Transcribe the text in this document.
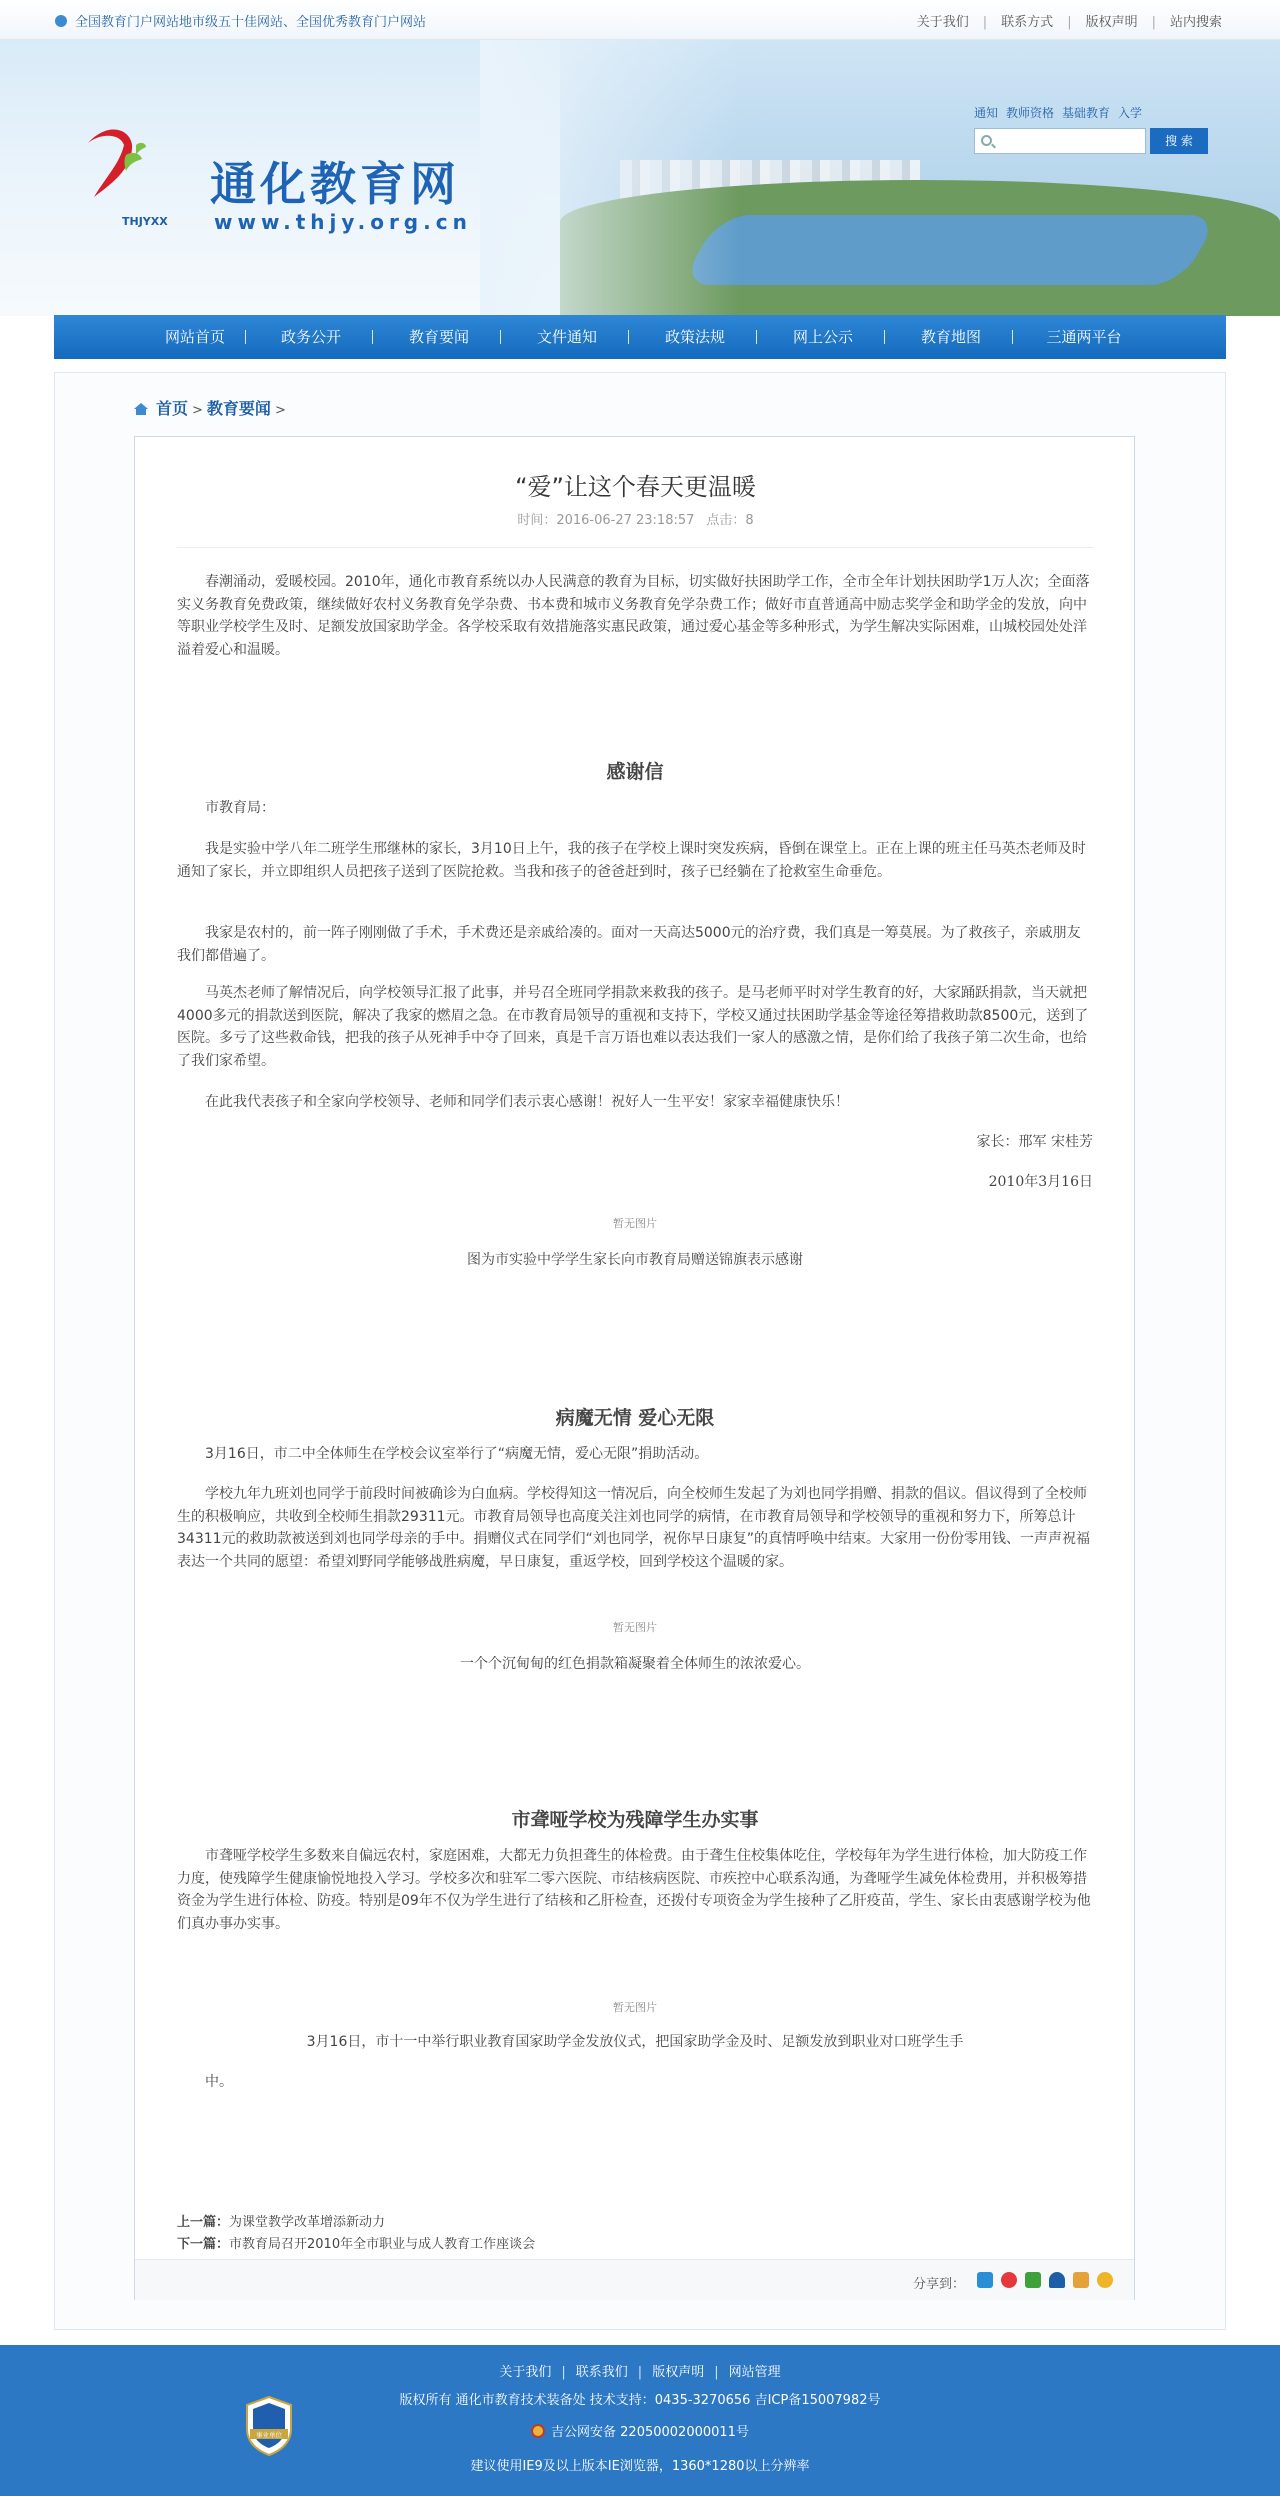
全国教育门户网站地市级五十佳网站、全国优秀教育门户网站	关于我们 | 联系方式 | 版权声明 | 站内搜索
THJYXX
通化教育网
www.thjy.org.cn
通知 教师资格 基础教育 入学
搜 索
网站首页	政务公开	教育要闻	文件通知	政策法规	网上公示	教育地图	三通两平台
首页 > 教育要闻 >
“爱”让这个春天更温暖
时间：2016-06-27 23:18:57 点击：8
春潮涌动，爱暖校园。2010年，通化市教育系统以办人民满意的教育为目标，切实做好扶困助学工作，全市全年计划扶困助学1万人次；全面落实义务教育免费政策，继续做好农村义务教育免学杂费、书本费和城市义务教育免学杂费工作；做好市直普通高中励志奖学金和助学金的发放，向中等职业学校学生及时、足额发放国家助学金。各学校采取有效措施落实惠民政策，通过爱心基金等多种形式，为学生解决实际困难，山城校园处处洋溢着爱心和温暖。
感谢信
市教育局：
我是实验中学八年二班学生邢继林的家长，3月10日上午，我的孩子在学校上课时突发疾病，昏倒在课堂上。正在上课的班主任马英杰老师及时通知了家长，并立即组织人员把孩子送到了医院抢救。当我和孩子的爸爸赶到时，孩子已经躺在了抢救室生命垂危。
我家是农村的，前一阵子刚刚做了手术，手术费还是亲戚给凑的。面对一天高达5000元的治疗费，我们真是一筹莫展。为了救孩子，亲戚朋友我们都借遍了。
马英杰老师了解情况后，向学校领导汇报了此事，并号召全班同学捐款来救我的孩子。是马老师平时对学生教育的好，大家踊跃捐款，当天就把4000多元的捐款送到医院，解决了我家的燃眉之急。在市教育局领导的重视和支持下，学校又通过扶困助学基金等途径筹措救助款8500元，送到了医院。多亏了这些救命钱，把我的孩子从死神手中夺了回来，真是千言万语也难以表达我们一家人的感激之情，是你们给了我孩子第二次生命，也给了我们家希望。
在此我代表孩子和全家向学校领导、老师和同学们表示衷心感谢！祝好人一生平安！家家幸福健康快乐！
家长：邢军 宋桂芳
2010年3月16日
暂无图片
图为市实验中学学生家长向市教育局赠送锦旗表示感谢
病魔无情 爱心无限
3月16日，市二中全体师生在学校会议室举行了“病魔无情，爱心无限”捐助活动。
学校九年九班刘也同学于前段时间被确诊为白血病。学校得知这一情况后，向全校师生发起了为刘也同学捐赠、捐款的倡议。倡议得到了全校师生的积极响应，共收到全校师生捐款29311元。市教育局领导也高度关注刘也同学的病情，在市教育局领导和学校领导的重视和努力下，所筹总计34311元的救助款被送到刘也同学母亲的手中。捐赠仪式在同学们“刘也同学，祝你早日康复”的真情呼唤中结束。大家用一份份零用钱、一声声祝福表达一个共同的愿望：希望刘野同学能够战胜病魔，早日康复，重返学校，回到学校这个温暖的家。
暂无图片
一个个沉甸甸的红色捐款箱凝聚着全体师生的浓浓爱心。
市聋哑学校为残障学生办实事
市聋哑学校学生多数来自偏远农村，家庭困难，大都无力负担聋生的体检费。由于聋生住校集体吃住，学校每年为学生进行体检，加大防疫工作力度，使残障学生健康愉悦地投入学习。学校多次和驻军二零六医院、市结核病医院、市疾控中心联系沟通，为聋哑学生减免体检费用，并积极筹措资金为学生进行体检、防疫。特别是09年不仅为学生进行了结核和乙肝检查，还拨付专项资金为学生接种了乙肝疫苗，学生、家长由衷感谢学校为他们真办事办实事。
暂无图片
3月16日，市十一中举行职业教育国家助学金发放仪式，把国家助学金及时、足额发放到职业对口班学生手
中。
上一篇：为课堂教学改革增添新动力
下一篇：市教育局召开2010年全市职业与成人教育工作座谈会
分享到：
关于我们 | 联系我们 | 版权声明 | 网站管理
版权所有 通化市教育技术装备处 技术支持：0435-3270656 吉ICP备15007982号
吉公网安备 22050002000011号
建议使用IE9及以上版本IE浏览器，1360*1280以上分辨率
事业单位
